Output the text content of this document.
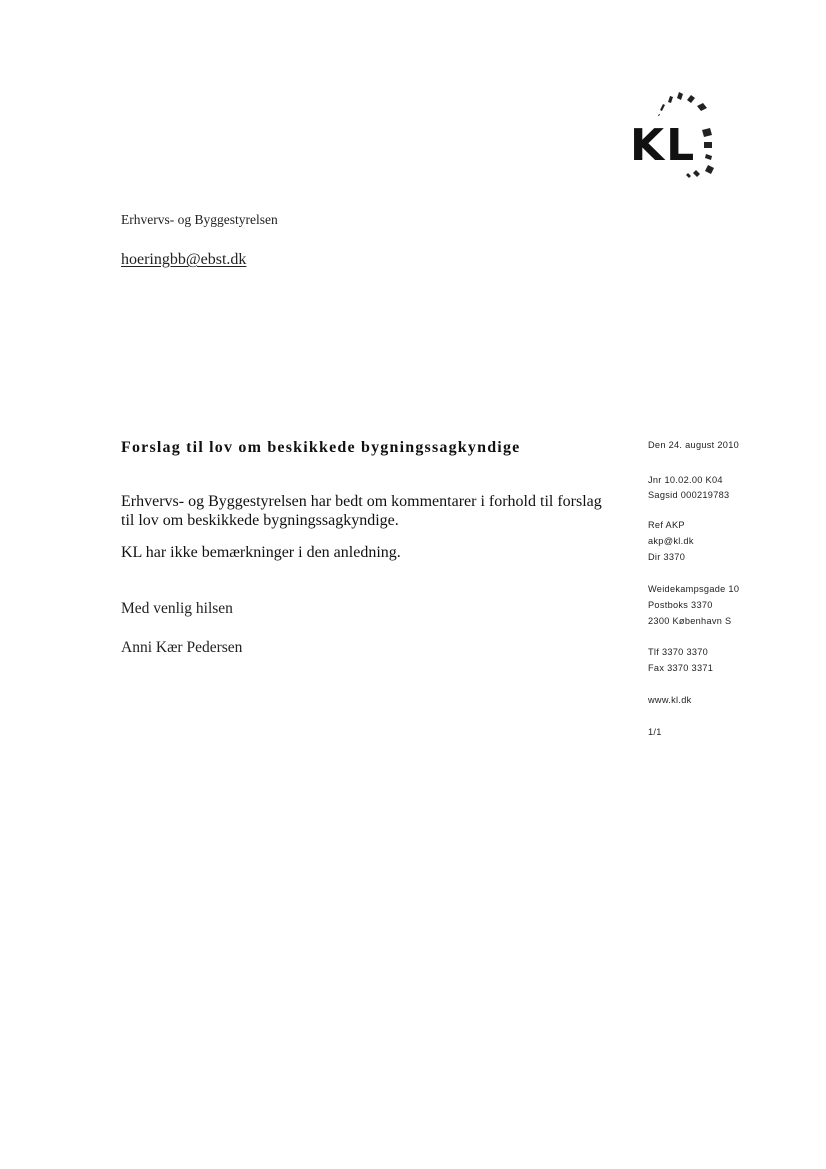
KL
Erhvervs- og Byggestyrelsen
hoeringbb@ebst.dk
Forslag til lov om beskikkede bygningssagkyndige
Erhvervs- og Byggestyrelsen har bedt om kommentarer i forhold til forslag til lov om beskikkede bygningssagkyndige.
KL har ikke bemærkninger i den anledning.
Med venlig hilsen
Anni Kær Pedersen
Den 24. august 2010
Jnr 10.02.00 K04
Sagsid 000219783
Ref AKP
akp@kl.dk
Dir 3370
Weidekampsgade 10
Postboks 3370
2300 København S
Tlf 3370 3370
Fax 3370 3371
www.kl.dk
1/1
